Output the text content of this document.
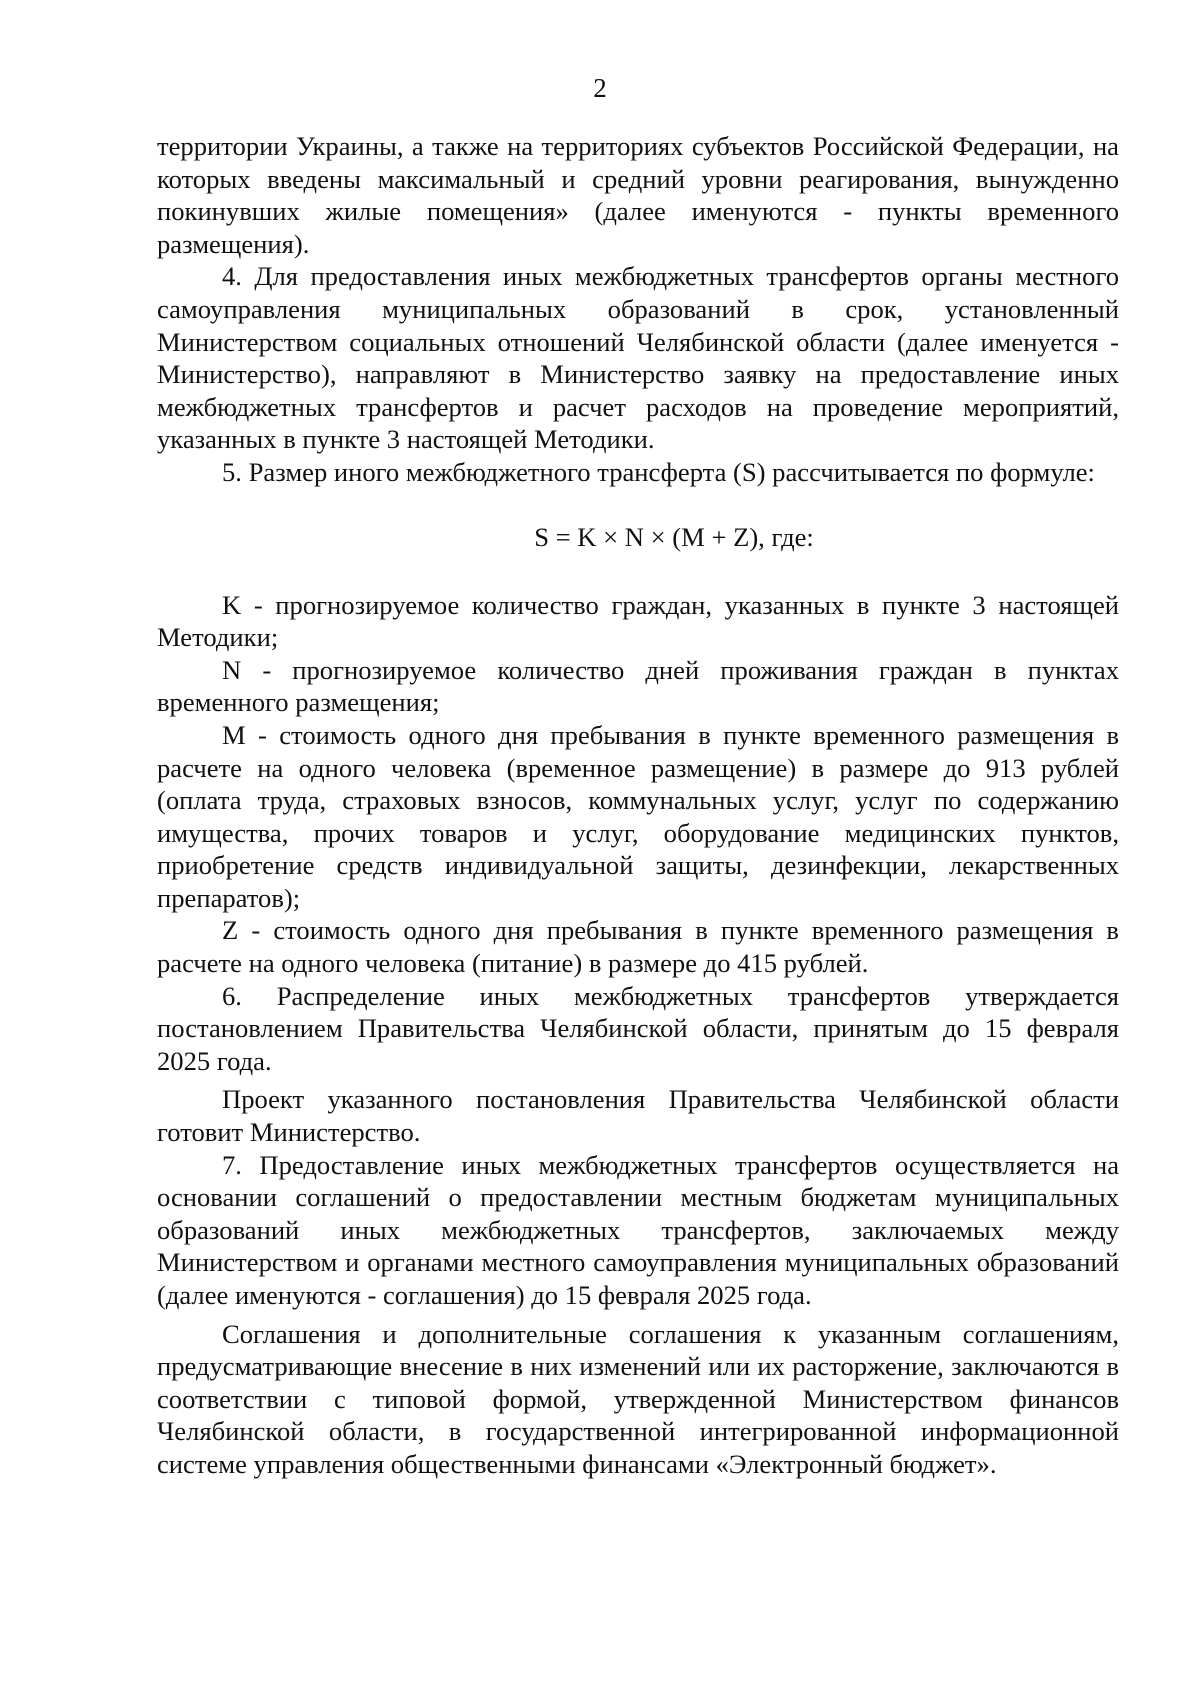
2

территории Украины, а также на территориях субъектов Российской Федерации, на которых введены максимальный и средний уровни реагирования, вынужденно покинувших жилые помещения» (далее именуются - пункты временного размещения).

4. Для предоставления иных межбюджетных трансфертов органы местного самоуправления муниципальных образований в срок, установленный Министерством социальных отношений Челябинской области (далее именуется - Министерство), направляют в Министерство заявку на предоставление иных межбюджетных трансфертов и расчет расходов на проведение мероприятий, указанных в пункте 3 настоящей Методики.

5. Размер иного межбюджетного трансферта (S) рассчитывается по формуле:

S = K × N × (M + Z), где:

K - прогнозируемое количество граждан, указанных в пункте 3 настоящей Методики;

N - прогнозируемое количество дней проживания граждан в пунктах временного размещения;

M - стоимость одного дня пребывания в пункте временного размещения в расчете на одного человека (временное размещение) в размере до 913 рублей (оплата труда, страховых взносов, коммунальных услуг, услуг по содержанию имущества, прочих товаров и услуг, оборудование медицинских пунктов, приобретение средств индивидуальной защиты, дезинфекции, лекарственных препаратов);

Z - стоимость одного дня пребывания в пункте временного размещения в расчете на одного человека (питание) в размере до 415 рублей.

6. Распределение иных межбюджетных трансфертов утверждается постановлением Правительства Челябинской области, принятым до 15 февраля 2025 года.

Проект указанного постановления Правительства Челябинской области готовит Министерство.

7. Предоставление иных межбюджетных трансфертов осуществляется на основании соглашений о предоставлении местным бюджетам муниципальных образований иных межбюджетных трансфертов, заключаемых между Министерством и органами местного самоуправления муниципальных образований (далее именуются - соглашения) до 15 февраля 2025 года.

Соглашения и дополнительные соглашения к указанным соглашениям, предусматривающие внесение в них изменений или их расторжение, заключаются в соответствии с типовой формой, утвержденной Министерством финансов Челябинской области, в государственной интегрированной информационной системе управления общественными финансами «Электронный бюджет».
